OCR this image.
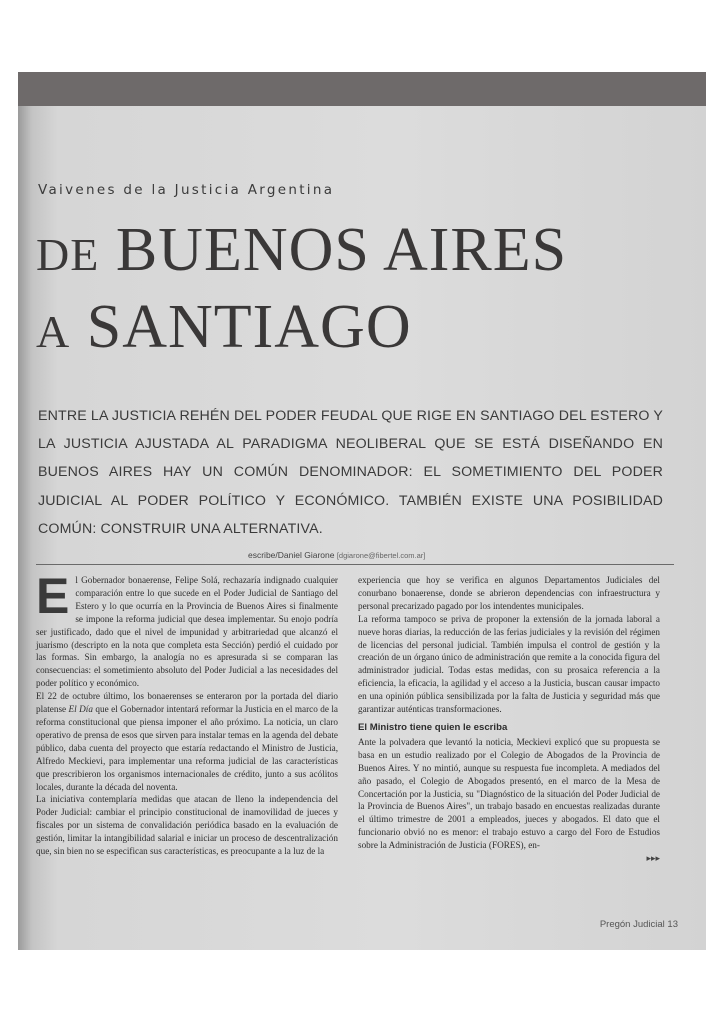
Vaivenes de la Justicia Argentina
DE BUENOS AIRES
A SANTIAGO
ENTRE LA JUSTICIA REHÉN DEL PODER FEUDAL QUE RIGE EN SANTIAGO DEL ESTERO Y LA JUSTICIA AJUSTADA AL PARADIGMA NEOLIBERAL QUE SE ESTÁ DISEÑANDO EN BUENOS AIRES HAY UN COMÚN DENOMINADOR: EL SOMETIMIENTO DEL PODER JUDICIAL AL PODER POLÍTICO Y ECONÓMICO. TAMBIÉN EXISTE UNA POSIBILIDAD COMÚN: CONSTRUIR UNA ALTERNATIVA.
escribe/Daniel Giarone [dgiarone@fibertel.com.ar]

El Gobernador bonaerense, Felipe Solá, rechazaría indignado cualquier comparación entre lo que sucede en el Poder Judicial de Santiago del Estero y lo que ocurría en la Provincia de Buenos Aires si finalmente se impone la reforma judicial que desea implementar. Su enojo podría ser justificado, dado que el nivel de impunidad y arbitrariedad que alcanzó el juarismo (descripto en la nota que completa esta Sección) perdió el cuidado por las formas. Sin embargo, la analogía no es apresurada si se comparan las consecuencias: el sometimiento absoluto del Poder Judicial a las necesidades del poder político y económico.

El 22 de octubre último, los bonaerenses se enteraron por la portada del diario platense El Día que el Gobernador intentará reformar la Justicia en el marco de la reforma constitucional que piensa imponer el año próximo. La noticia, un claro operativo de prensa de esos que sirven para instalar temas en la agenda del debate público, daba cuenta del proyecto que estaría redactando el Ministro de Justicia, Alfredo Meckievi, para implementar una reforma judicial de las características que prescribieron los organismos internacionales de crédito, junto a sus acólitos locales, durante la década del noventa.

La iniciativa contemplaría medidas que atacan de lleno la independencia del Poder Judicial: cambiar el principio constitucional de inamovilidad de jueces y fiscales por un sistema de convalidación periódica basado en la evaluación de gestión, limitar la intangibilidad salarial e iniciar un proceso de descentralización que, sin bien no se especifican sus características, es preocupante a la luz de la

experiencia que hoy se verifica en algunos Departamentos Judiciales del conurbano bonaerense, donde se abrieron dependencias con infraestructura y personal precarizado pagado por los intendentes municipales.

La reforma tampoco se priva de proponer la extensión de la jornada laboral a nueve horas diarias, la reducción de las ferias judiciales y la revisión del régimen de licencias del personal judicial. También impulsa el control de gestión y la creación de un órgano único de administración que remite a la conocida figura del administrador judicial. Todas estas medidas, con su prosaica referencia a la eficiencia, la eficacia, la agilidad y el acceso a la Justicia, buscan causar impacto en una opinión pública sensibilizada por la falta de Justicia y seguridad más que garantizar auténticas transformaciones.

El Ministro tiene quien le escriba

Ante la polvadera que levantó la noticia, Meckievi explicó que su propuesta se basa en un estudio realizado por el Colegio de Abogados de la Provincia de Buenos Aires. Y no mintió, aunque su respuesta fue incompleta. A mediados del año pasado, el Colegio de Abogados presentó, en el marco de la Mesa de Concertación por la Justicia, su "Diagnóstico de la situación del Poder Judicial de la Provincia de Buenos Aires", un trabajo basado en encuestas realizadas durante el último trimestre de 2001 a empleados, jueces y abogados. El dato que el funcionario obvió no es menor: el trabajo estuvo a cargo del Foro de Estudios sobre la Administración de Justicia (FORES), en-

▸▸▸
Pregón Judicial 13
